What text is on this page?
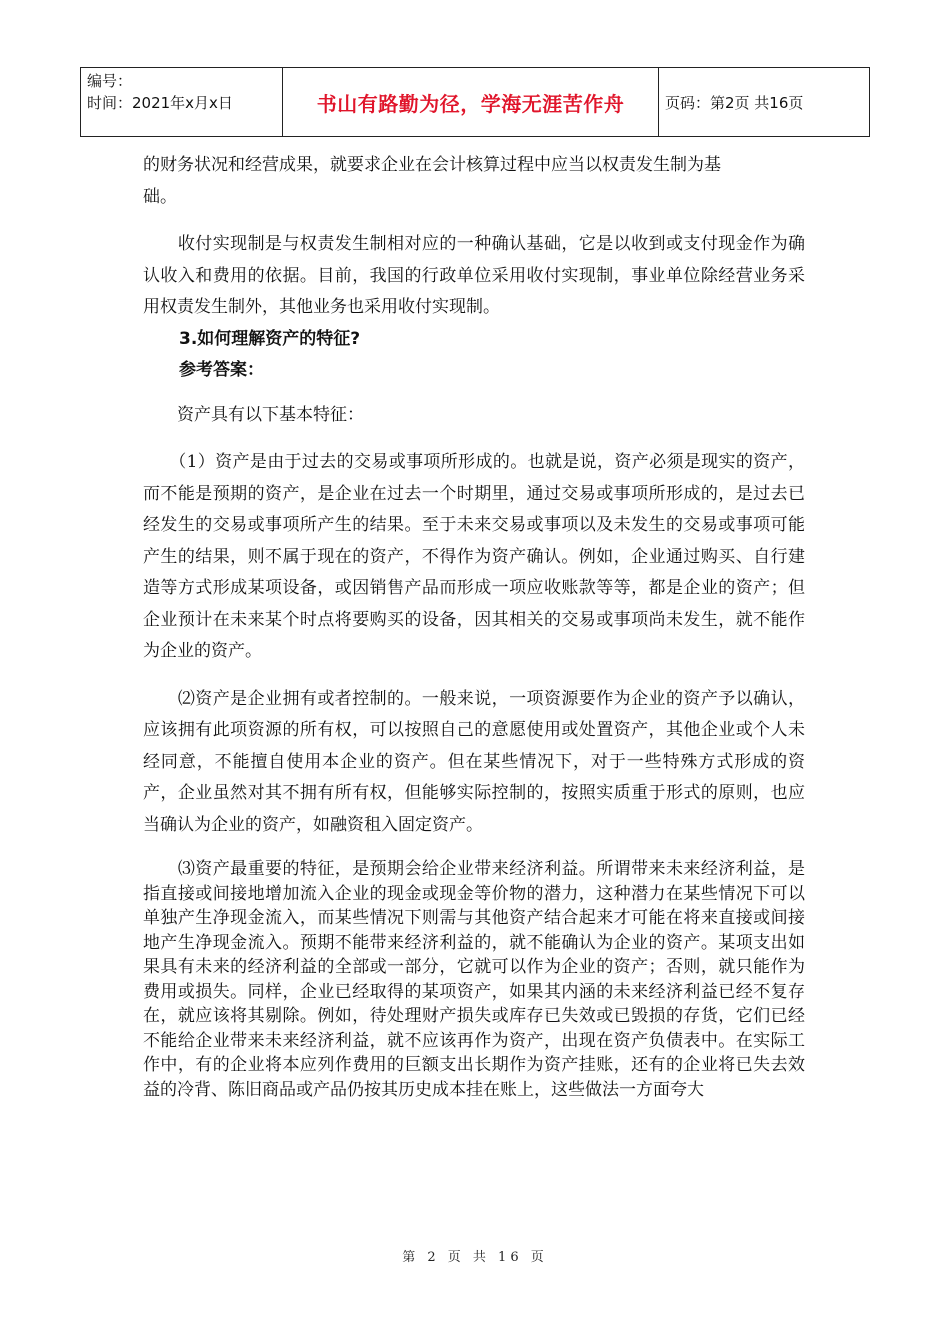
编号：
时间：2021年x月x日	书山有路勤为径，学海无涯苦作舟	页码：第2页 共16页

的财务状况和经营成果，就要求企业在会计核算过程中应当以权责发生制为基

础。

　　收付实现制是与权责发生制相对应的一种确认基础，它是以收到或支付现金作为确认收入和费用的依据。目前，我国的行政单位采用收付实现制，事业单位除经营业务采用权责发生制外，其他业务也采用收付实现制。

3.如何理解资产的特征?

参考答案：

　　资产具有以下基本特征：

　　（1）资产是由于过去的交易或事项所形成的。也就是说，资产必须是现实的资产，而不能是预期的资产，是企业在过去一个时期里，通过交易或事项所形成的，是过去已经发生的交易或事项所产生的结果。至于未来交易或事项以及未发生的交易或事项可能产生的结果，则不属于现在的资产，不得作为资产确认。例如，企业通过购买、自行建造等方式形成某项设备，或因销售产品而形成一项应收账款等等，都是企业的资产；但企业预计在未来某个时点将要购买的设备，因其相关的交易或事项尚未发生，就不能作为企业的资产。

　　⑵资产是企业拥有或者控制的。一般来说，一项资源要作为企业的资产予以确认，应该拥有此项资源的所有权，可以按照自己的意愿使用或处置资产，其他企业或个人未经同意，不能擅自使用本企业的资产。但在某些情况下，对于一些特殊方式形成的资产，企业虽然对其不拥有所有权，但能够实际控制的，按照实质重于形式的原则，也应当确认为企业的资产，如融资租入固定资产。

　　⑶资产最重要的特征，是预期会给企业带来经济利益。所谓带来未来经济利益，是指直接或间接地增加流入企业的现金或现金等价物的潜力，这种潜力在某些情况下可以单独产生净现金流入，而某些情况下则需与其他资产结合起来才可能在将来直接或间接地产生净现金流入。预期不能带来经济利益的，就不能确认为企业的资产。某项支出如果具有未来的经济利益的全部或一部分，它就可以作为企业的资产；否则，就只能作为费用或损失。同样，企业已经取得的某项资产，如果其内涵的未来经济利益已经不复存在，就应该将其剔除。例如，待处理财产损失或库存已失效或已毁损的存货，它们已经不能给企业带来未来经济利益，就不应该再作为资产，出现在资产负债表中。在实际工作中，有的企业将本应列作费用的巨额支出长期作为资产挂账，还有的企业将已失去效益的冷背、陈旧商品或产品仍按其历史成本挂在账上，这些做法一方面夸大

第 2 页 共 16 页
